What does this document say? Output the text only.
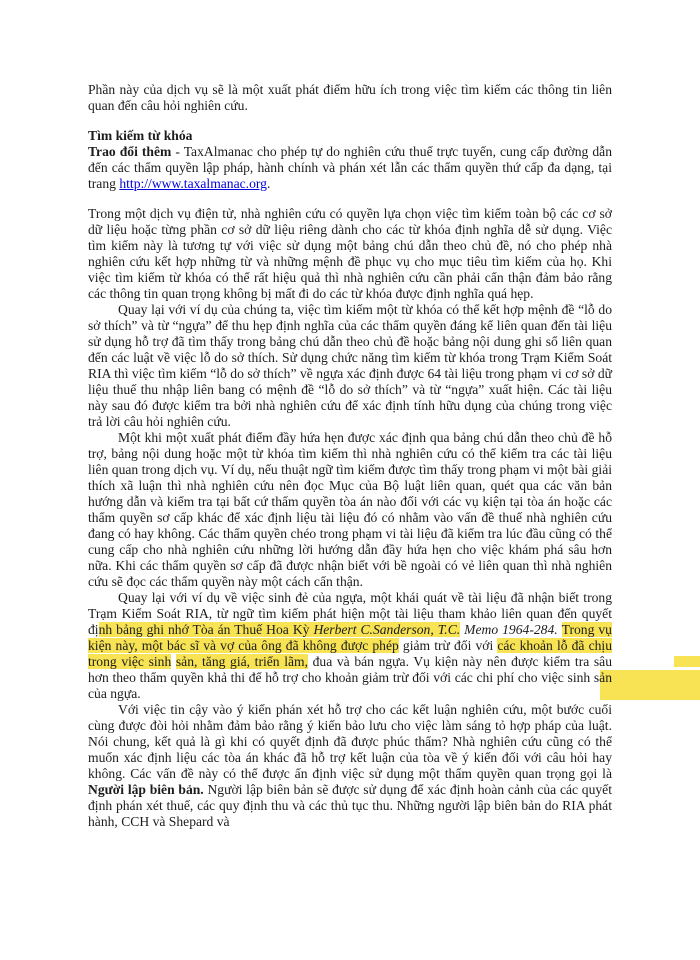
Phần này của dịch vụ sẽ là một xuất phát điểm hữu ích trong việc tìm kiếm các thông tin liên quan đến câu hỏi nghiên cứu.

Tìm kiếm từ khóa

Trao đổi thêm - TaxAlmanac cho phép tự do nghiên cứu thuế trực tuyến, cung cấp đường dẫn đến các thẩm quyền lập pháp, hành chính và phán xét lẫn các thẩm quyền thứ cấp đa dạng, tại trang http://www.taxalmanac.org.

Trong một dịch vụ điện tử, nhà nghiên cứu có quyền lựa chọn việc tìm kiếm toàn bộ các cơ sở dữ liệu hoặc từng phần cơ sở dữ liệu riêng dành cho các từ khóa định nghĩa dễ sử dụng. Việc tìm kiếm này là tương tự với việc sử dụng một bảng chú dẫn theo chủ đề, nó cho phép nhà nghiên cứu kết hợp những từ và những mệnh đề phục vụ cho mục tiêu tìm kiếm của họ. Khi việc tìm kiếm từ khóa có thể rất hiệu quả thì nhà nghiên cứu cần phải cẩn thận đảm bảo rằng các thông tin quan trọng không bị mất đi do các từ khóa được định nghĩa quá hẹp.

Quay lại với ví dụ của chúng ta, việc tìm kiếm một từ khóa có thể kết hợp mệnh đề “lỗ do sở thích” và từ “ngựa” để thu hẹp định nghĩa của các thẩm quyền đáng kể liên quan đến tài liệu sử dụng hỗ trợ đã tìm thấy trong bảng chú dẫn theo chủ đề hoặc bảng nội dung ghi sổ liên quan đến các luật về việc lỗ do sở thích. Sử dụng chức năng tìm kiếm từ khóa trong Trạm Kiểm Soát RIA thì việc tìm kiếm “lỗ do sở thích” về ngựa xác định được 64 tài liệu trong phạm vi cơ sở dữ liệu thuế thu nhập liên bang có mệnh đề “lỗ do sở thích” và từ “ngựa” xuất hiện. Các tài liệu này sau đó được kiểm tra bởi nhà nghiên cứu để xác định tính hữu dụng của chúng trong việc trả lời câu hỏi nghiên cứu.

Một khi một xuất phát điểm đầy hứa hẹn được xác định qua bảng chú dẫn theo chủ đề hỗ trợ, bảng nội dung hoặc một từ khóa tìm kiếm thì nhà nghiên cứu có thể kiểm tra các tài liệu liên quan trong dịch vụ. Ví dụ, nếu thuật ngữ tìm kiếm được tìm thấy trong phạm vi một bài giải thích xã luận thì nhà nghiên cứu nên đọc Mục của Bộ luật liên quan, quét qua các văn bản hướng dẫn và kiểm tra tại bất cứ thẩm quyền tòa án nào đối với các vụ kiện tại tòa án hoặc các thẩm quyền sơ cấp khác để xác định liệu tài liệu đó có nhằm vào vấn đề thuế nhà nghiên cứu đang có hay không. Các thẩm quyền chéo trong phạm vi tài liệu đã kiểm tra lúc đầu cũng có thể cung cấp cho nhà nghiên cứu những lời hướng dẫn đầy hứa hẹn cho việc khám phá sâu hơn nữa. Khi các thẩm quyền sơ cấp đã được nhận biết với bề ngoài có vẻ liên quan thì nhà nghiên cứu sẽ đọc các thẩm quyền này một cách cẩn thận.

Quay lại với ví dụ về việc sinh đẻ của ngựa, một khái quát về tài liệu đã nhận biết trong Trạm Kiểm Soát RIA, từ ngữ tìm kiếm phát hiện một tài liệu tham khảo liên quan đến quyết định bảng ghi nhớ Tòa án Thuế Hoa Kỳ Herbert C.Sanderson, T.C. Memo 1964-284. Trong vụ kiện này, một bác sĩ và vợ của ông đã không được phép giảm trừ đối với các khoản lỗ đã chịu trong việc sinh sản, tăng giá, triển lãm, đua và bán ngựa. Vụ kiện này nên được kiểm tra sâu hơn theo thẩm quyền khả thi để hỗ trợ cho khoản giảm trừ đối với các chi phí cho việc sinh sản của ngựa.

Với việc tin cậy vào ý kiến phán xét hỗ trợ cho các kết luận nghiên cứu, một bước cuối cùng được đòi hỏi nhằm đảm bảo rằng ý kiến bảo lưu cho việc làm sáng tỏ hợp pháp của luật. Nói chung, kết quả là gì khi có quyết định đã được phúc thẩm? Nhà nghiên cứu cũng có thể muốn xác định liệu các tòa án khác đã hỗ trợ kết luận của tòa về ý kiến đối với câu hỏi hay không. Các vấn đề này có thể được ấn định việc sử dụng một thẩm quyền quan trọng gọi là Người lập biên bản. Người lập biên bản sẽ được sử dụng để xác định hoàn cảnh của các quyết định phán xét thuế, các quy định thu và các thủ tục thu. Những người lập biên bản do RIA phát hành, CCH và Shepard và
